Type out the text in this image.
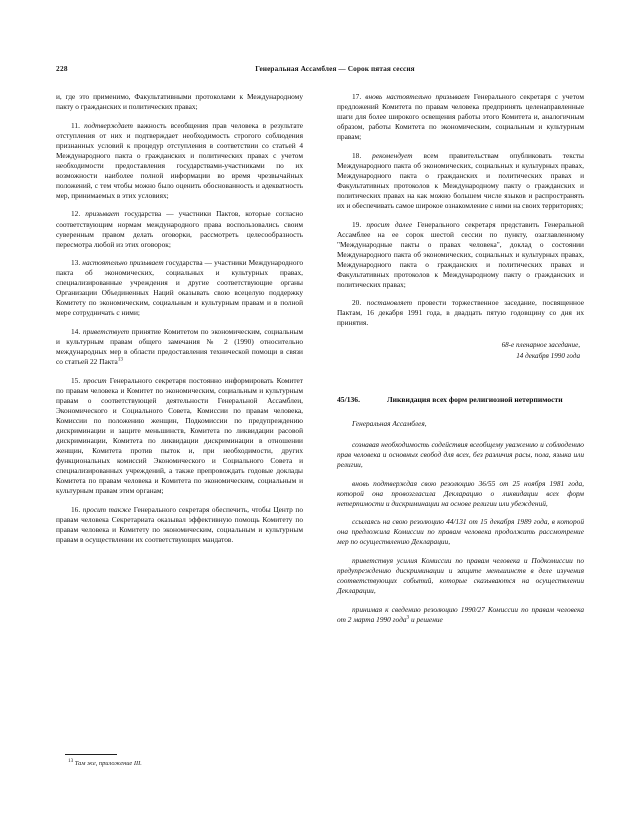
228	Генеральная Ассамблея — Сорок пятая сессия

и, где это применимо, Факультативными протоколами к Международному пакту о гражданских и политических правах;

11. подтверждает важность всеобщения прав человека в результате отступления от них и подтверждает необходимость строгого соблюдения признанных условий к процедур отступления в соответствии со статьей 4 Международного пакта о гражданских и политических правах с учетом необходимости предоставления государствами-участниками по их возможности наиболее полной информации во время чрезвычайных положений, с тем чтобы можно было оценить обоснованность и адекватность мер, принимаемых в этих условиях;

12. призывает государства — участники Пактов, которые согласно соответствующим нормам международного права воспользовались своим суверенным правом делать оговорки, рассмотреть целесообразность пересмотра любой из этих оговорок;

13. настоятельно призывает государства — участники Международного пакта об экономических, социальных и культурных правах, специализированные учреждения и другие соответствующие органы Организации Объединенных Наций оказывать свою всецелую поддержку Комитету по экономическим, социальным и культурным правам и в полной мере сотрудничать с ними;

14. приветствует принятие Комитетом по экономическим, социальным и культурным правам общего замечания № 2 (1990) относительно международных мер в области предоставления технической помощи в связи со статьей 22 Пакта$^{13}$

15. просит Генерального секретаря постоянно информировать Комитет по правам человека и Комитет по экономическим, социальным и культурным правам о соответствующей деятельности Генеральной Ассамблеи, Экономического и Социального Совета, Комиссии по правам человека, Комиссии по положению женщин, Подкомиссии по предупреждению дискриминации и защите меньшинств, Комитета по ликвидации расовой дискриминации, Комитета по ликвидации дискриминации в отношении женщин, Комитета против пыток и, при необходимости, других функциональных комиссий Экономического и Социального Совета и специализированных учреждений, а также препровождать годовые доклады Комитета по правам человека и Комитета по экономическим, социальным и культурным правам этим органам;

16. просит также Генерального секретаря обеспечить, чтобы Центр по правам человека Секретариата оказывал эффективную помощь Комитету по правам человека и Комитету по экономическим, социальным и культурным правам в осуществлении их соответствующих мандатов.

$^{13}$ Там же, приложение III.

17. вновь настоятельно призывает Генерального секретаря с учетом предложений Комитета по правам человека предпринять целенаправленные шаги для более широкого освещения работы этого Комитета и, аналогичным образом, работы Комитета по экономическим, социальным и культурным правам;

18. рекомендует всем правительствам опубликовать тексты Международного пакта об экономических, социальных и культурных правах, Международного пакта о гражданских и политических правах и Факультативных протоколов к Международному пакту о гражданских и политических правах на как можно большем числе языков и распространять их и обеспечивать самое широкое ознакомление с ними на своих территориях;

19. просит далее Генерального секретаря представить Генеральной Ассамблее на ее сорок шестой сессии по пункту, озаглавленному "Международные пакты о правах человека", доклад о состоянии Международного пакта об экономических, социальных и культурных правах, Международного пакта о гражданских и политических правах и Факультативных протоколов к Международному пакту о гражданских и политических правах;

20. постановляет провести торжественное заседание, посвященное Пактам, 16 декабря 1991 года, в двадцать пятую годовщину со дня их принятия.

68-е пленарное заседание,
14 декабря 1990 года

45/136.	Ликвидация всех форм религиозной нетерпимости

Генеральная Ассамблея,

сознавая необходимость содействия всеобщему уважению и соблюдению прав человека и основных свобод для всех, без различия расы, пола, языка или религии,

вновь подтверждая свою резолюцию 36/55 от 25 ноября 1981 года, которой она провозгласила Декларацию о ликвидации всех форм нетерпимости и дискриминации на основе религии или убеждений,

ссылаясь на свою резолюцию 44/131 от 15 декабря 1989 года, в которой она предложила Комиссии по правам человека продолжить рассмотрение мер по осуществлению Декларации,

приветствуя усилия Комиссии по правам человека и Подкомиссии по предупреждению дискриминации и защите меньшинств в деле изучения соответствующих событий, которые сказываются на осуществлении Декларации,

принимая к сведению резолюцию 1990/27 Комиссии по правам человека от 2 марта 1990 года$^3$ и решение
